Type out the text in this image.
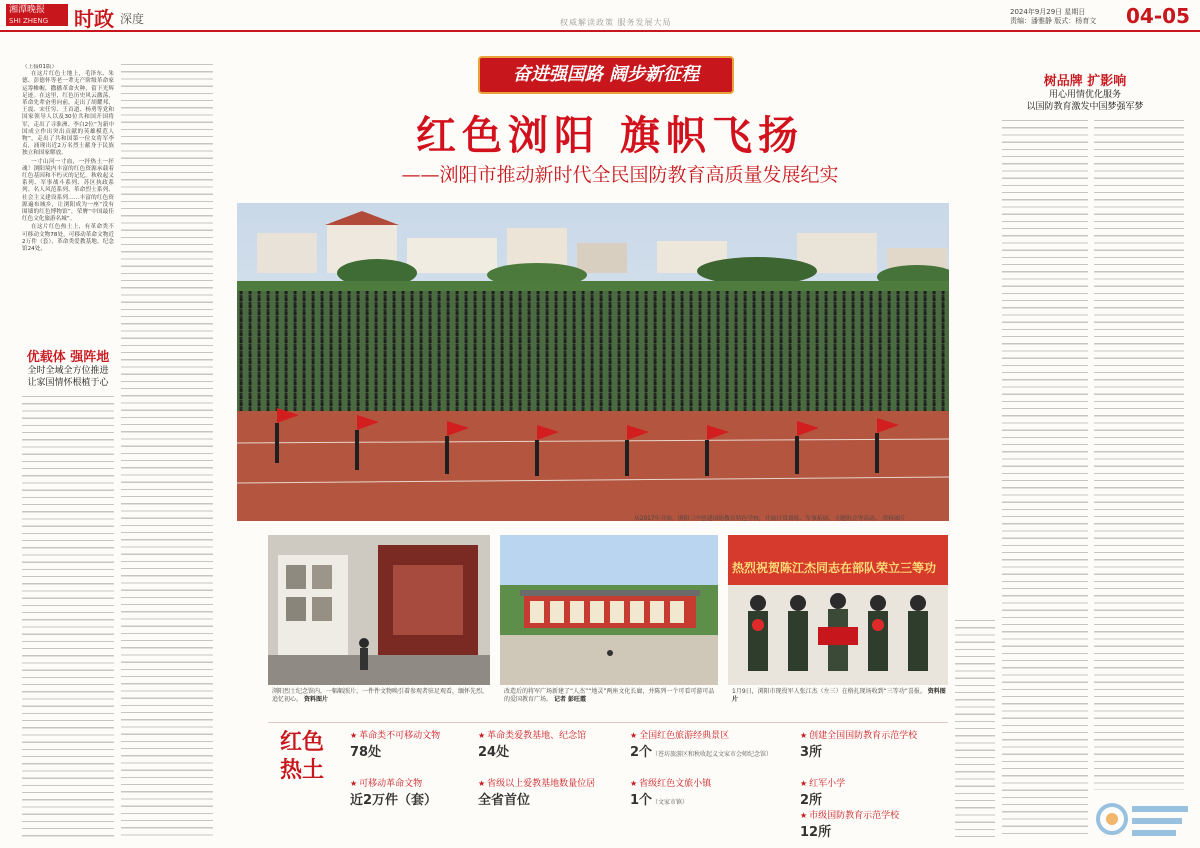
湘潭晚报
SHI ZHENG	时政 深度	权威解读政策 服务发展大局
2024年9月29日 星期日
责编：潘雅静 版式：杨育文 04-05
（上接01版）

在这片红色土地上，毛泽东、朱德、彭德怀等老一辈无产阶级革命家运筹帷幄，撒播革命火种，留下光辉足迹。在这里，红色历史风云激荡，革命先辈奋勇向前，走出了胡耀邦、王震、宋任穷、王首道、杨勇等党和国家领导人以及30位共和国开国将军，走出了寻淮洲、李白2位“为新中国成立作出突出贡献的英雄模范人物”，走出了共和国第一位女将军李贞，涌现出近2万名烈士献身于民族独立和国家解放。

一寸山河一寸血，一抔热土一抔魂！浏阳境内丰富的红色资源承载着红色基因和不朽灭的记忆。秋收起义系列、军事战斗系列、苏区执政系列、名人风范系列、革命烈士系列、社会主义建设系列……丰富的红色资源遍布城乡，让浏阳成为一座“没有围墙的红色博物馆”，荣膺“中国最佳红色文化旅游名城”。

在这片红色热土上，有革命类不可移动文物78处，可移动革命文物近2万件（套），革命类爱教基地、纪念馆24处，

优载体 强阵地
全时全域全方位推进
让家国情怀根植于心
奋进强国路 阔步新征程
红色浏阳 旗帜飞扬
——浏阳市推动新时代全民国防教育高质量发展纪实
从2017年开始，浏阳三中创建国防教育特色学校，开展日常训练、军事拓展、主题班会等活动。 资料图片
浏阳烈士纪念馆内，一幅幅照片、一件件文物唤引着参观者驻足观看，缅怀先烈，追忆初心。 资料图片
改造后的将军广场新建了“人杰”“地灵”两座文化长廊，并陈列一个可看可游可品的爱国教育广场。 记者 彭旺霞
热烈祝贺陈江杰同志在部队荣立三等功
1月9日，浏阳市现役军人张江杰（左三）在格扎现场收到“三等功”喜报。 资料图片
红色热土
★ 革命类不可移动文物
78处
★ 革命类爱教基地、纪念馆
24处
★ 全国红色旅游经典景区
2个（苍坊旅游区和秋收起义文家市会师纪念馆）
★ 创建全国国防教育示范学校
3所
★ 可移动革命文物
近2万件（套）
★ 省级以上爱教基地数量位居
全省首位
★ 省级红色文旅小镇
1个（文家市镇）
★ 红军小学
2所
★ 市级国防教育示范学校
12所
树品牌 扩影响
用心用情优化服务
以国防教育激发中国梦强军梦
